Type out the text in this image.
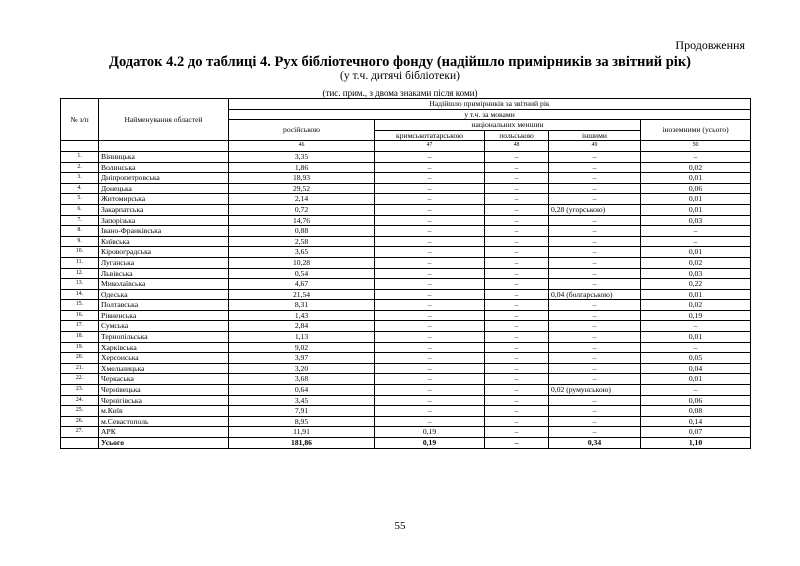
Продовження
Додаток 4.2 до таблиці 4. Рух бібліотечного фонду (надійшло примірників за звітний рік)
(у т.ч. дитячі бібліотеки)
(тис. прим., з двома знаками після коми)
№ з/п	Найменування областей	Надійшло примірників за звітний рік				
		у т.ч. за мовами				
		російською	національних меншин			іноземними (усього)
			кримськотатарською	польською	іншими	
		46	47	48	49	50
1.	Вінницька	3,35	–	–	–	–
2.	Волинська	1,86	–	–	–	0,02
3.	Дніпропетровська	18,93	–	–	–	0,01
4.	Донецька	29,52	–	–	–	0,06
5.	Житомирська	2,14	–	–	–	0,01
6.	Закарпатська	0,72	–	–	0,28 (угорською)	0,01
7.	Запорізька	14,76	–	–	–	0,03
8.	Івано-Франківська	0,88	–	–	–	–
9.	Київська	2,58	–	–	–	–
10.	Кіровоградська	3,65	–	–	–	0,01
11.	Луганська	10,28	–	–	–	0,02
12.	Львівська	0,54	–	–	–	0,03
13.	Миколаївська	4,67	–	–	–	0,22
14.	Одеська	21,54	–	–	0,04 (болгарською)	0,01
15.	Полтавська	8,31	–	–	–	0,02
16.	Рівненська	1,43	–	–	–	0,19
17.	Сумська	2,84	–	–	–	–
18.	Тернопільська	1,13	–	–	–	0,01
19.	Харківська	9,02	–	–	–	–
20.	Херсонська	3,97	–	–	–	0,05
21.	Хмельницька	3,20	–	–	–	0,04
22.	Черкаська	3,68	–	–	–	0,01
23.	Чернівецька	0,64	–	–	0,02 (румунською)	–
24.	Чернігівська	3,45	–	–	–	0,06
25.	м.Київ	7,91	–	–	–	0,08
26.	м.Севастополь	8,95	–	–	–	0,14
27.	АРК	11,91	0,19	–	–	0,07
	Усього	181,86	0,19	–	0,34	1,10
55
